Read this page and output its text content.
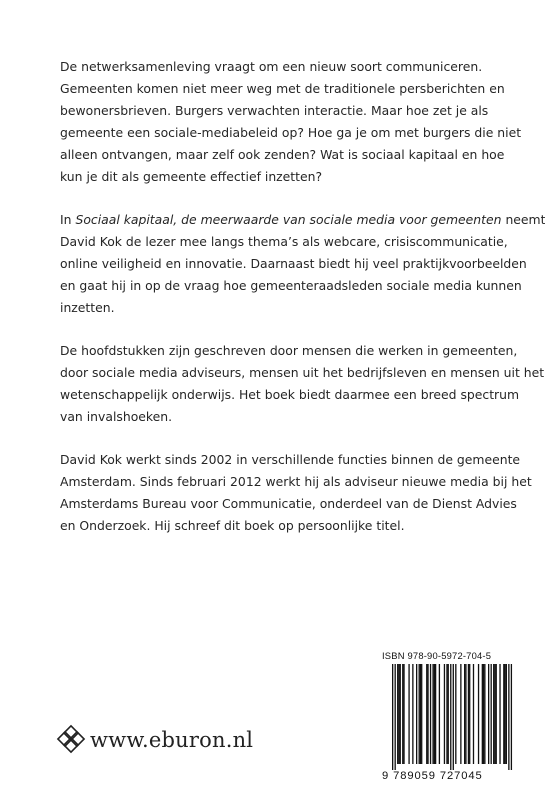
De netwerksamenleving vraagt om een nieuw soort communiceren.
Gemeenten komen niet meer weg met de traditionele persberichten en
bewonersbrieven. Burgers verwachten interactie. Maar hoe zet je als
gemeente een sociale-mediabeleid op? Hoe ga je om met burgers die niet
alleen ontvangen, maar zelf ook zenden? Wat is sociaal kapitaal en hoe
kun je dit als gemeente effectief inzetten?

In Sociaal kapitaal, de meerwaarde van sociale media voor gemeenten neemt
David Kok de lezer mee langs thema’s als webcare, crisiscommunicatie,
online veiligheid en innovatie. Daarnaast biedt hij veel praktijkvoorbeelden
en gaat hij in op de vraag hoe gemeenteraadsleden sociale media kunnen
inzetten.

De hoofdstukken zijn geschreven door mensen die werken in gemeenten,
door sociale media adviseurs, mensen uit het bedrijfsleven en mensen uit het
wetenschappelijk onderwijs. Het boek biedt daarmee een breed spectrum
van invalshoeken.

David Kok werkt sinds 2002 in verschillende functies binnen de gemeente
Amsterdam. Sinds februari 2012 werkt hij als adviseur nieuwe media bij het
Amsterdams Bureau voor Communicatie, onderdeel van de Dienst Advies
en Onderzoek. Hij schreef dit boek op persoonlijke titel.

www.eburon.nl
ISBN 978-90-5972-704-5
9 789059 727045
